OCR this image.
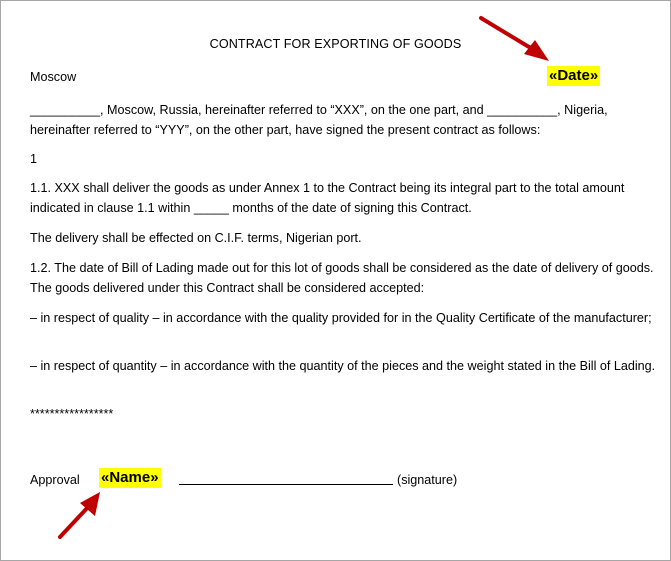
CONTRACT FOR EXPORTING OF GOODS
Moscow	«Date»
__________, Moscow, Russia, hereinafter referred to “XXX”, on the one part, and __________, Nigeria, hereinafter referred to “YYY”, on the other part, have signed the present contract as follows:
1
1.1. XXX shall deliver the goods as under Annex 1 to the Contract being its integral part to the total amount indicated in clause 1.1 within _____ months of the date of signing this Contract.
The delivery shall be effected on C.I.F. terms, Nigerian port.
1.2. The date of Bill of Lading made out for this lot of goods shall be considered as the date of delivery of goods. The goods delivered under this Contract shall be considered accepted:
– in respect of quality – in accordance with the quality provided for in the Quality Certificate of the manufacturer;
– in respect of quantity – in accordance with the quantity of the pieces and the weight stated in the Bill of Lading.
*****************
Approval	«Name»	(signature)
